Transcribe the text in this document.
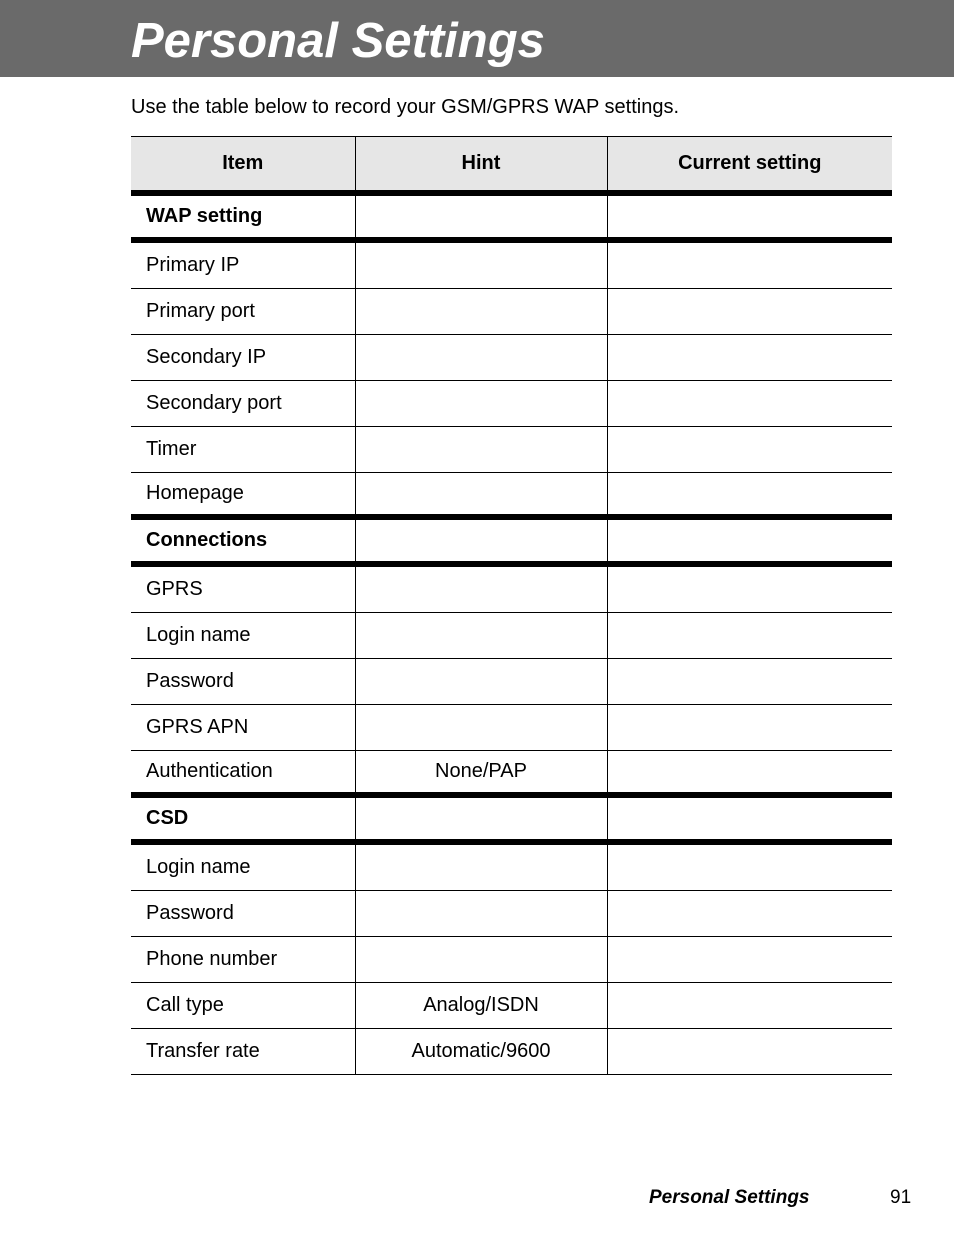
Personal Settings
Use the table below to record your GSM/GPRS WAP settings.
Item	Hint	Current setting
WAP setting		
Primary IP		
Primary port		
Secondary IP		
Secondary port		
Timer		
Homepage		
Connections		
GPRS		
Login name		
Password		
GPRS APN		
Authentication	None/PAP	
CSD		
Login name		
Password		
Phone number		
Call type	Analog/ISDN	
Transfer rate	Automatic/9600	
Personal Settings	91
